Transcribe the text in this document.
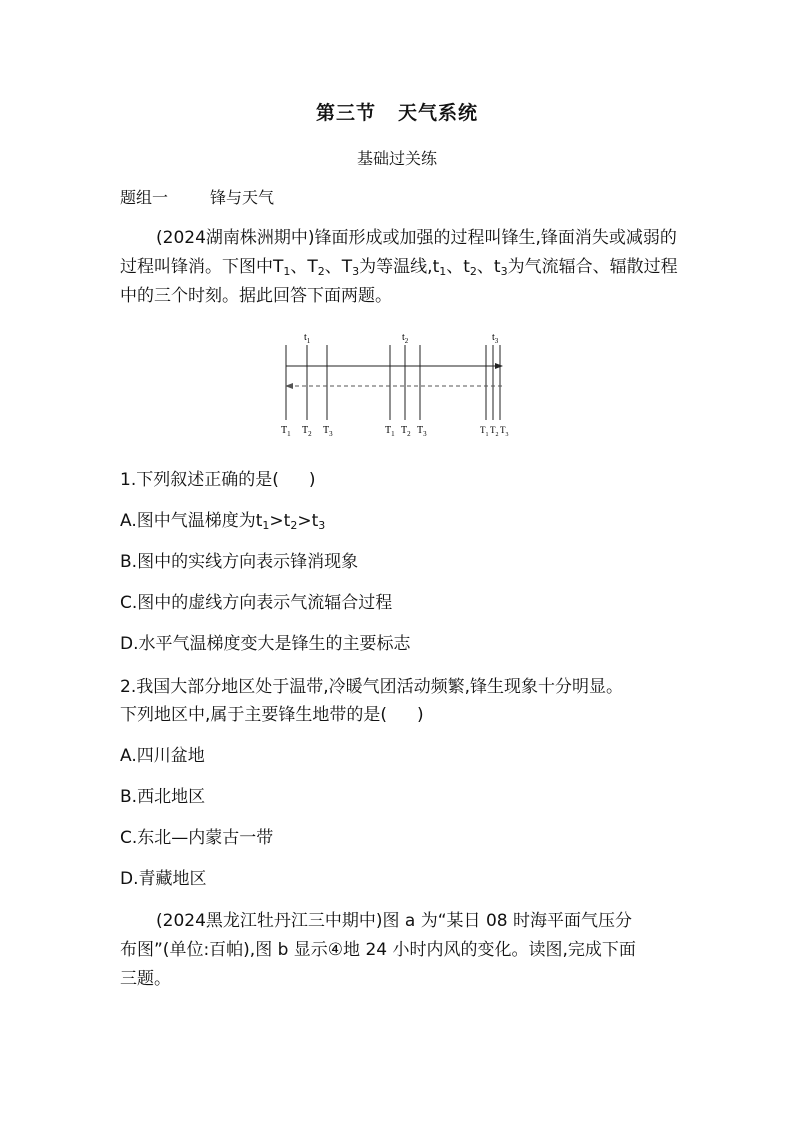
第三节 天气系统
基础过关练
题组一	锋与天气
(2024湖南株洲期中)锋面形成或加强的过程叫锋生,锋面消失或减弱的过程叫锋消。下图中$T_1$、$T_2$、$T_3$为等温线$,t_1$、$t_2$、$t_3$为气流辐合、辐散过程中的三个时刻。据此回答下面两题。
$t_1$	$t_2$	$t_3$
$T_1$ $T_2$ $T_3$	$T_1$ $T_2$ $T_3$	$T_1$ $T_2$ $T_3$
1.下列叙述正确的是( )
A.图中气温梯度为$t_1>t_2>t_3$
B.图中的实线方向表示锋消现象
C.图中的虚线方向表示气流辐合过程
D.水平气温梯度变大是锋生的主要标志
2.我国大部分地区处于温带,冷暖气团活动频繁,锋生现象十分明显。
下列地区中,属于主要锋生地带的是( )
A.四川盆地
B.西北地区
C.东北—内蒙古一带
D.青藏地区
(2024黑龙江牡丹江三中期中)图 a 为“某日 08 时海平面气压分
布图”(单位:百帕),图 b 显示④地 24 小时内风的变化。读图,完成下面
三题。
